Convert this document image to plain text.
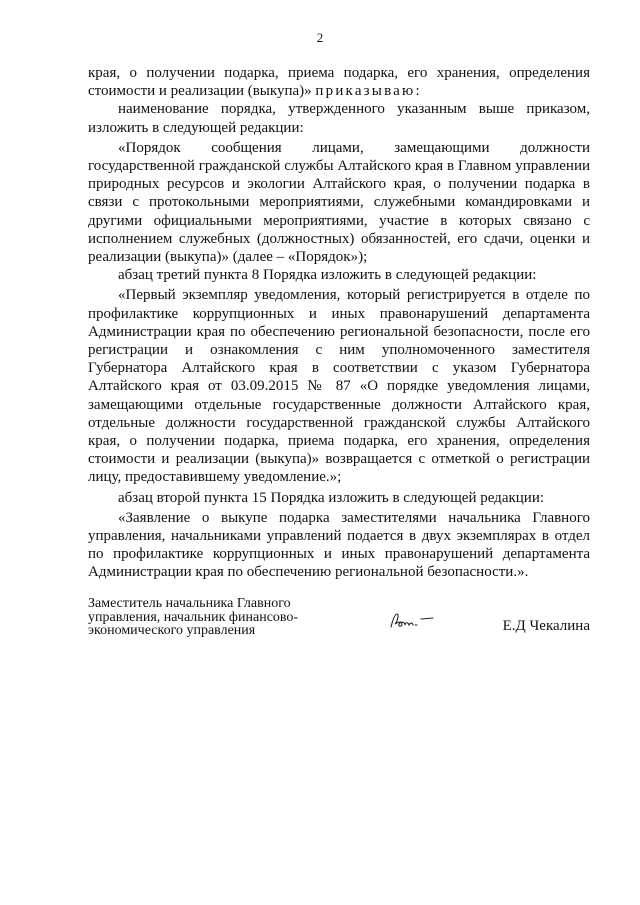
2

края, о получении подарка, приема подарка, его хранения, определения стоимости и реализации (выкупа)» приказываю:

наименование порядка, утвержденного указанным выше приказом, изложить в следующей редакции:

«Порядок сообщения лицами, замещающими должности государственной гражданской службы Алтайского края в Главном управлении природных ресурсов и экологии Алтайского края, о получении подарка в связи с протокольными мероприятиями, служебными командировками и другими официальными мероприятиями, участие в которых связано с исполнением служебных (должностных) обязанностей, его сдачи, оценки и реализации (выкупа)» (далее – «Порядок»);

абзац третий пункта 8 Порядка изложить в следующей редакции:

«Первый экземпляр уведомления, который регистрируется в отделе по профилактике коррупционных и иных правонарушений департамента Администрации края по обеспечению региональной безопасности, после его регистрации и ознакомления с ним уполномоченного заместителя Губернатора Алтайского края в соответствии с указом Губернатора Алтайского края от 03.09.2015 № 87 «О порядке уведомления лицами, замещающими отдельные государственные должности Алтайского края, отдельные должности государственной гражданской службы Алтайского края, о получении подарка, приема подарка, его хранения, определения стоимости и реализации (выкупа)» возвращается с отметкой о регистрации лицу, предоставившему уведомление.»;

абзац второй пункта 15 Порядка изложить в следующей редакции:

«Заявление о выкупе подарка заместителями начальника Главного управления, начальниками управлений подается в двух экземплярах в отдел по профилактике коррупционных и иных правонарушений департамента Администрации края по обеспечению региональной безопасности.».

Заместитель начальника Главного
управления, начальник финансово-
экономического управления	Е.Д Чекалина
